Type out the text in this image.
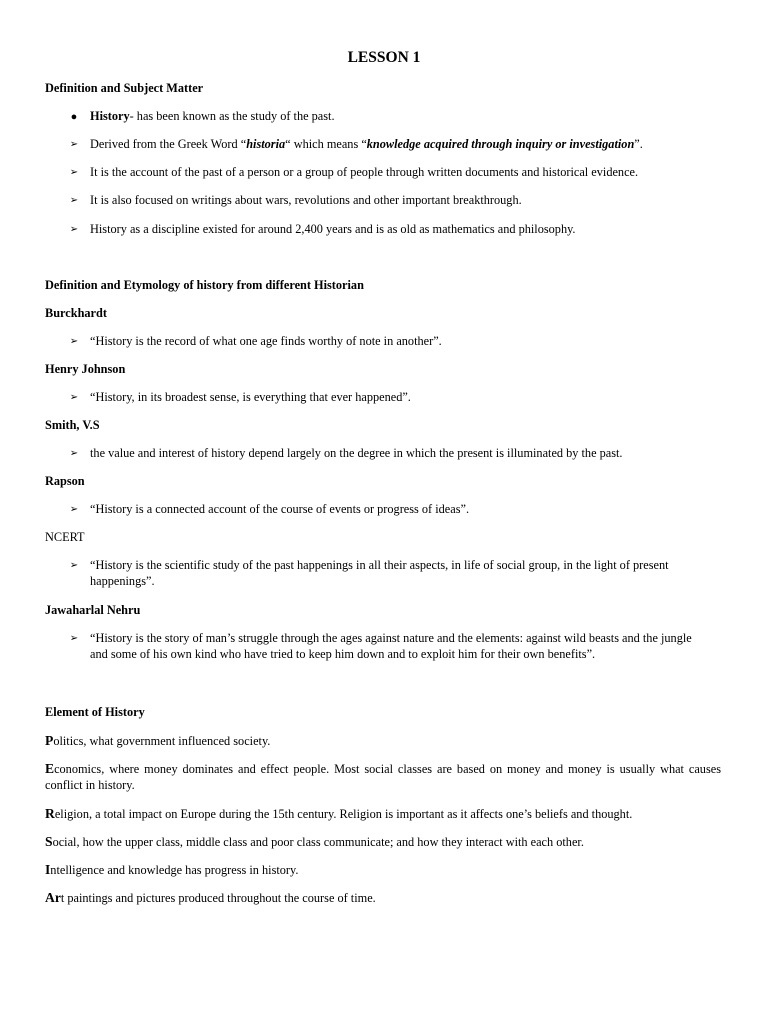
LESSON 1
Definition and Subject Matter
● History- has been known as the study of the past.
➢ Derived from the Greek Word “historia“ which means “knowledge acquired through inquiry or investigation”.
➢ It is the account of the past of a person or a group of people through written documents and historical evidence.
➢ It is also focused on writings about wars, revolutions and other important breakthrough.
➢ History as a discipline existed for around 2,400 years and is as old as mathematics and philosophy.
Definition and Etymology of history from different Historian
Burckhardt
➢ “History is the record of what one age finds worthy of note in another”.
Henry Johnson
➢ “History, in its broadest sense, is everything that ever happened”.
Smith, V.S
➢ the value and interest of history depend largely on the degree in which the present is illuminated by the past.
Rapson
➢ “History is a connected account of the course of events or progress of ideas”.
NCERT
➢ “History is the scientific study of the past happenings in all their aspects, in life of social group, in the light of present happenings”.
Jawaharlal Nehru
➢ “History is the story of man’s struggle through the ages against nature and the elements: against wild beasts and the jungle and some of his own kind who have tried to keep him down and to exploit him for their own benefits”.
Element of History
Politics, what government influenced society.
Economics, where money dominates and effect people. Most social classes are based on money and money is usually what causes conflict in history.
Religion, a total impact on Europe during the 15th century. Religion is important as it affects one’s beliefs and thought.
Social, how the upper class, middle class and poor class communicate; and how they interact with each other.
Intelligence and knowledge has progress in history.
Art paintings and pictures produced throughout the course of time.
